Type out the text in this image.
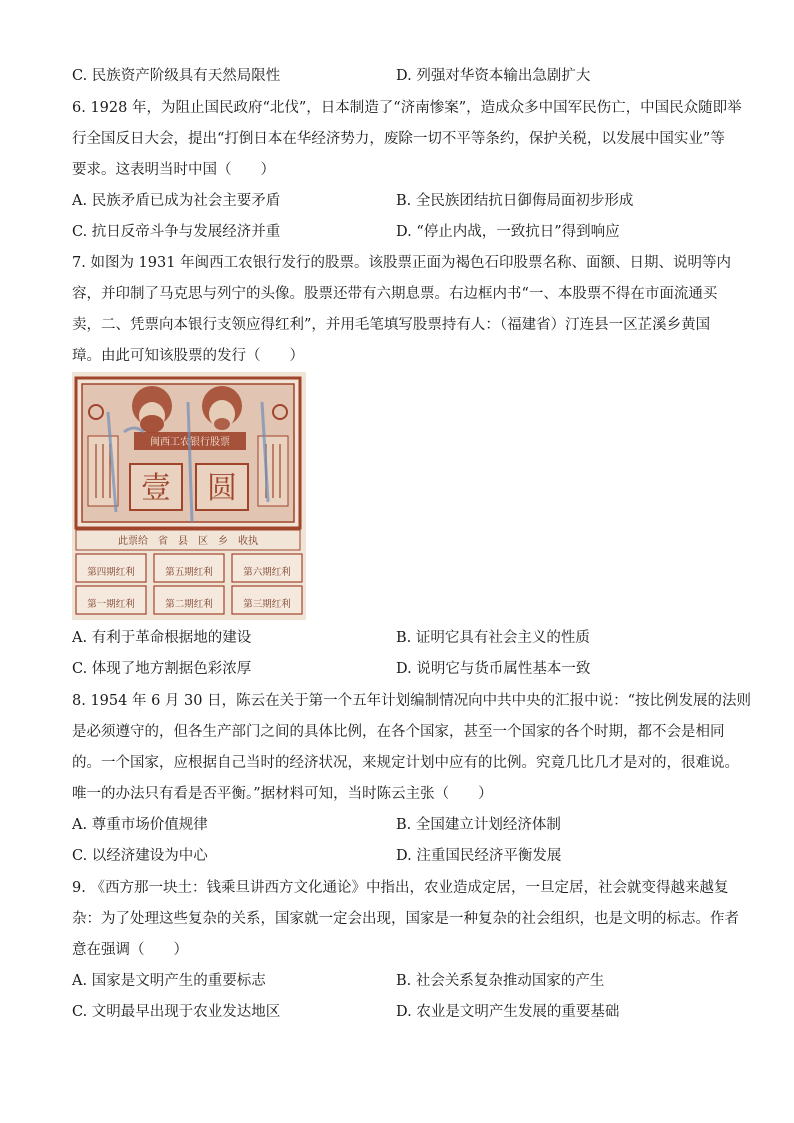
C. 民族资产阶级具有天然局限性	D. 列强对华资本输出急剧扩大
6. 1928 年，为阻止国民政府“北伐”，日本制造了“济南惨案”，造成众多中国军民伤亡，中国民众随即举
行全国反日大会，提出“打倒日本在华经济势力，废除一切不平等条约，保护关税，以发展中国实业”等
要求。这表明当时中国（　　）
A. 民族矛盾已成为社会主要矛盾	B. 全民族团结抗日御侮局面初步形成
C. 抗日反帝斗争与发展经济并重	D. “停止内战，一致抗日”得到响应
7. 如图为 1931 年闽西工农银行发行的股票。该股票正面为褐色石印股票名称、面额、日期、说明等内
容，并印制了马克思与列宁的头像。股票还带有六期息票。右边框内书“一、本股票不得在市面流通买
卖，二、凭票向本银行支领应得红利”，并用毛笔填写股票持有人：（福建省）汀连县一区芷溪乡黄国
璋。由此可知该股票的发行（　　）
闽西工农银行股票
壹 圆
此票给　省　县　区　乡　收执
第四期红利	第五期红利	第六期红利
第一期红利	第二期红利	第三期红利
A. 有利于革命根据地的建设	B. 证明它具有社会主义的性质
C. 体现了地方割据色彩浓厚	D. 说明它与货币属性基本一致
8. 1954 年 6 月 30 日，陈云在关于第一个五年计划编制情况向中共中央的汇报中说：“按比例发展的法则
是必须遵守的，但各生产部门之间的具体比例，在各个国家，甚至一个国家的各个时期，都不会是相同
的。一个国家，应根据自己当时的经济状况，来规定计划中应有的比例。究竟几比几才是对的，很难说。
唯一的办法只有看是否平衡。”据材料可知，当时陈云主张（　　）
A. 尊重市场价值规律	B. 全国建立计划经济体制
C. 以经济建设为中心	D. 注重国民经济平衡发展
9. 《西方那一块土：钱乘旦讲西方文化通论》中指出，农业造成定居，一旦定居，社会就变得越来越复
杂：为了处理这些复杂的关系，国家就一定会出现，国家是一种复杂的社会组织，也是文明的标志。作者
意在强调（　　）
A. 国家是文明产生的重要标志	B. 社会关系复杂推动国家的产生
C. 文明最早出现于农业发达地区	D. 农业是文明产生发展的重要基础
